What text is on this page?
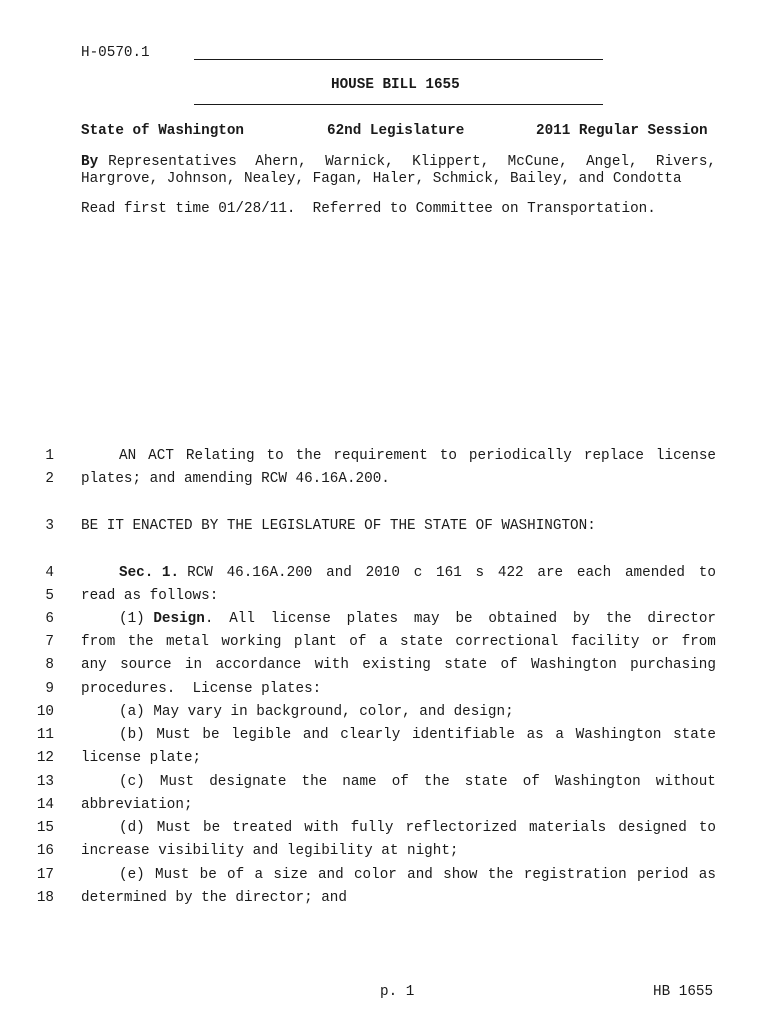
H-0570.1
HOUSE BILL 1655
State of Washington	62nd Legislature	2011 Regular Session
By Representatives Ahern, Warnick, Klippert, McCune, Angel, Rivers,
Hargrove, Johnson, Nealey, Fagan, Haler, Schmick, Bailey, and Condotta
Read first time 01/28/11.  Referred to Committee on Transportation.
1	AN ACT Relating to the requirement to periodically replace license
2 plates; and amending RCW 46.16A.200.
3 BE IT ENACTED BY THE LEGISLATURE OF THE STATE OF WASHINGTON:
4	Sec. 1. RCW 46.16A.200 and 2010 c 161 s 422 are each amended to
5 read as follows:
6	(1) Design . All license plates may be obtained by the director
7 from the metal working plant of a state correctional facility or from
8 any source in accordance with existing state of Washington purchasing
9 procedures.  License plates:
10	(a) May vary in background, color, and design;
11	(b) Must be legible and clearly identifiable as a Washington state
12 license plate;
13	(c) Must designate the name of the state of Washington without
14 abbreviation;
15	(d) Must be treated with fully reflectorized materials designed to
16 increase visibility and legibility at night;
17	(e) Must be of a size and color and show the registration period as
18 determined by the director; and
p. 1	HB 1655
